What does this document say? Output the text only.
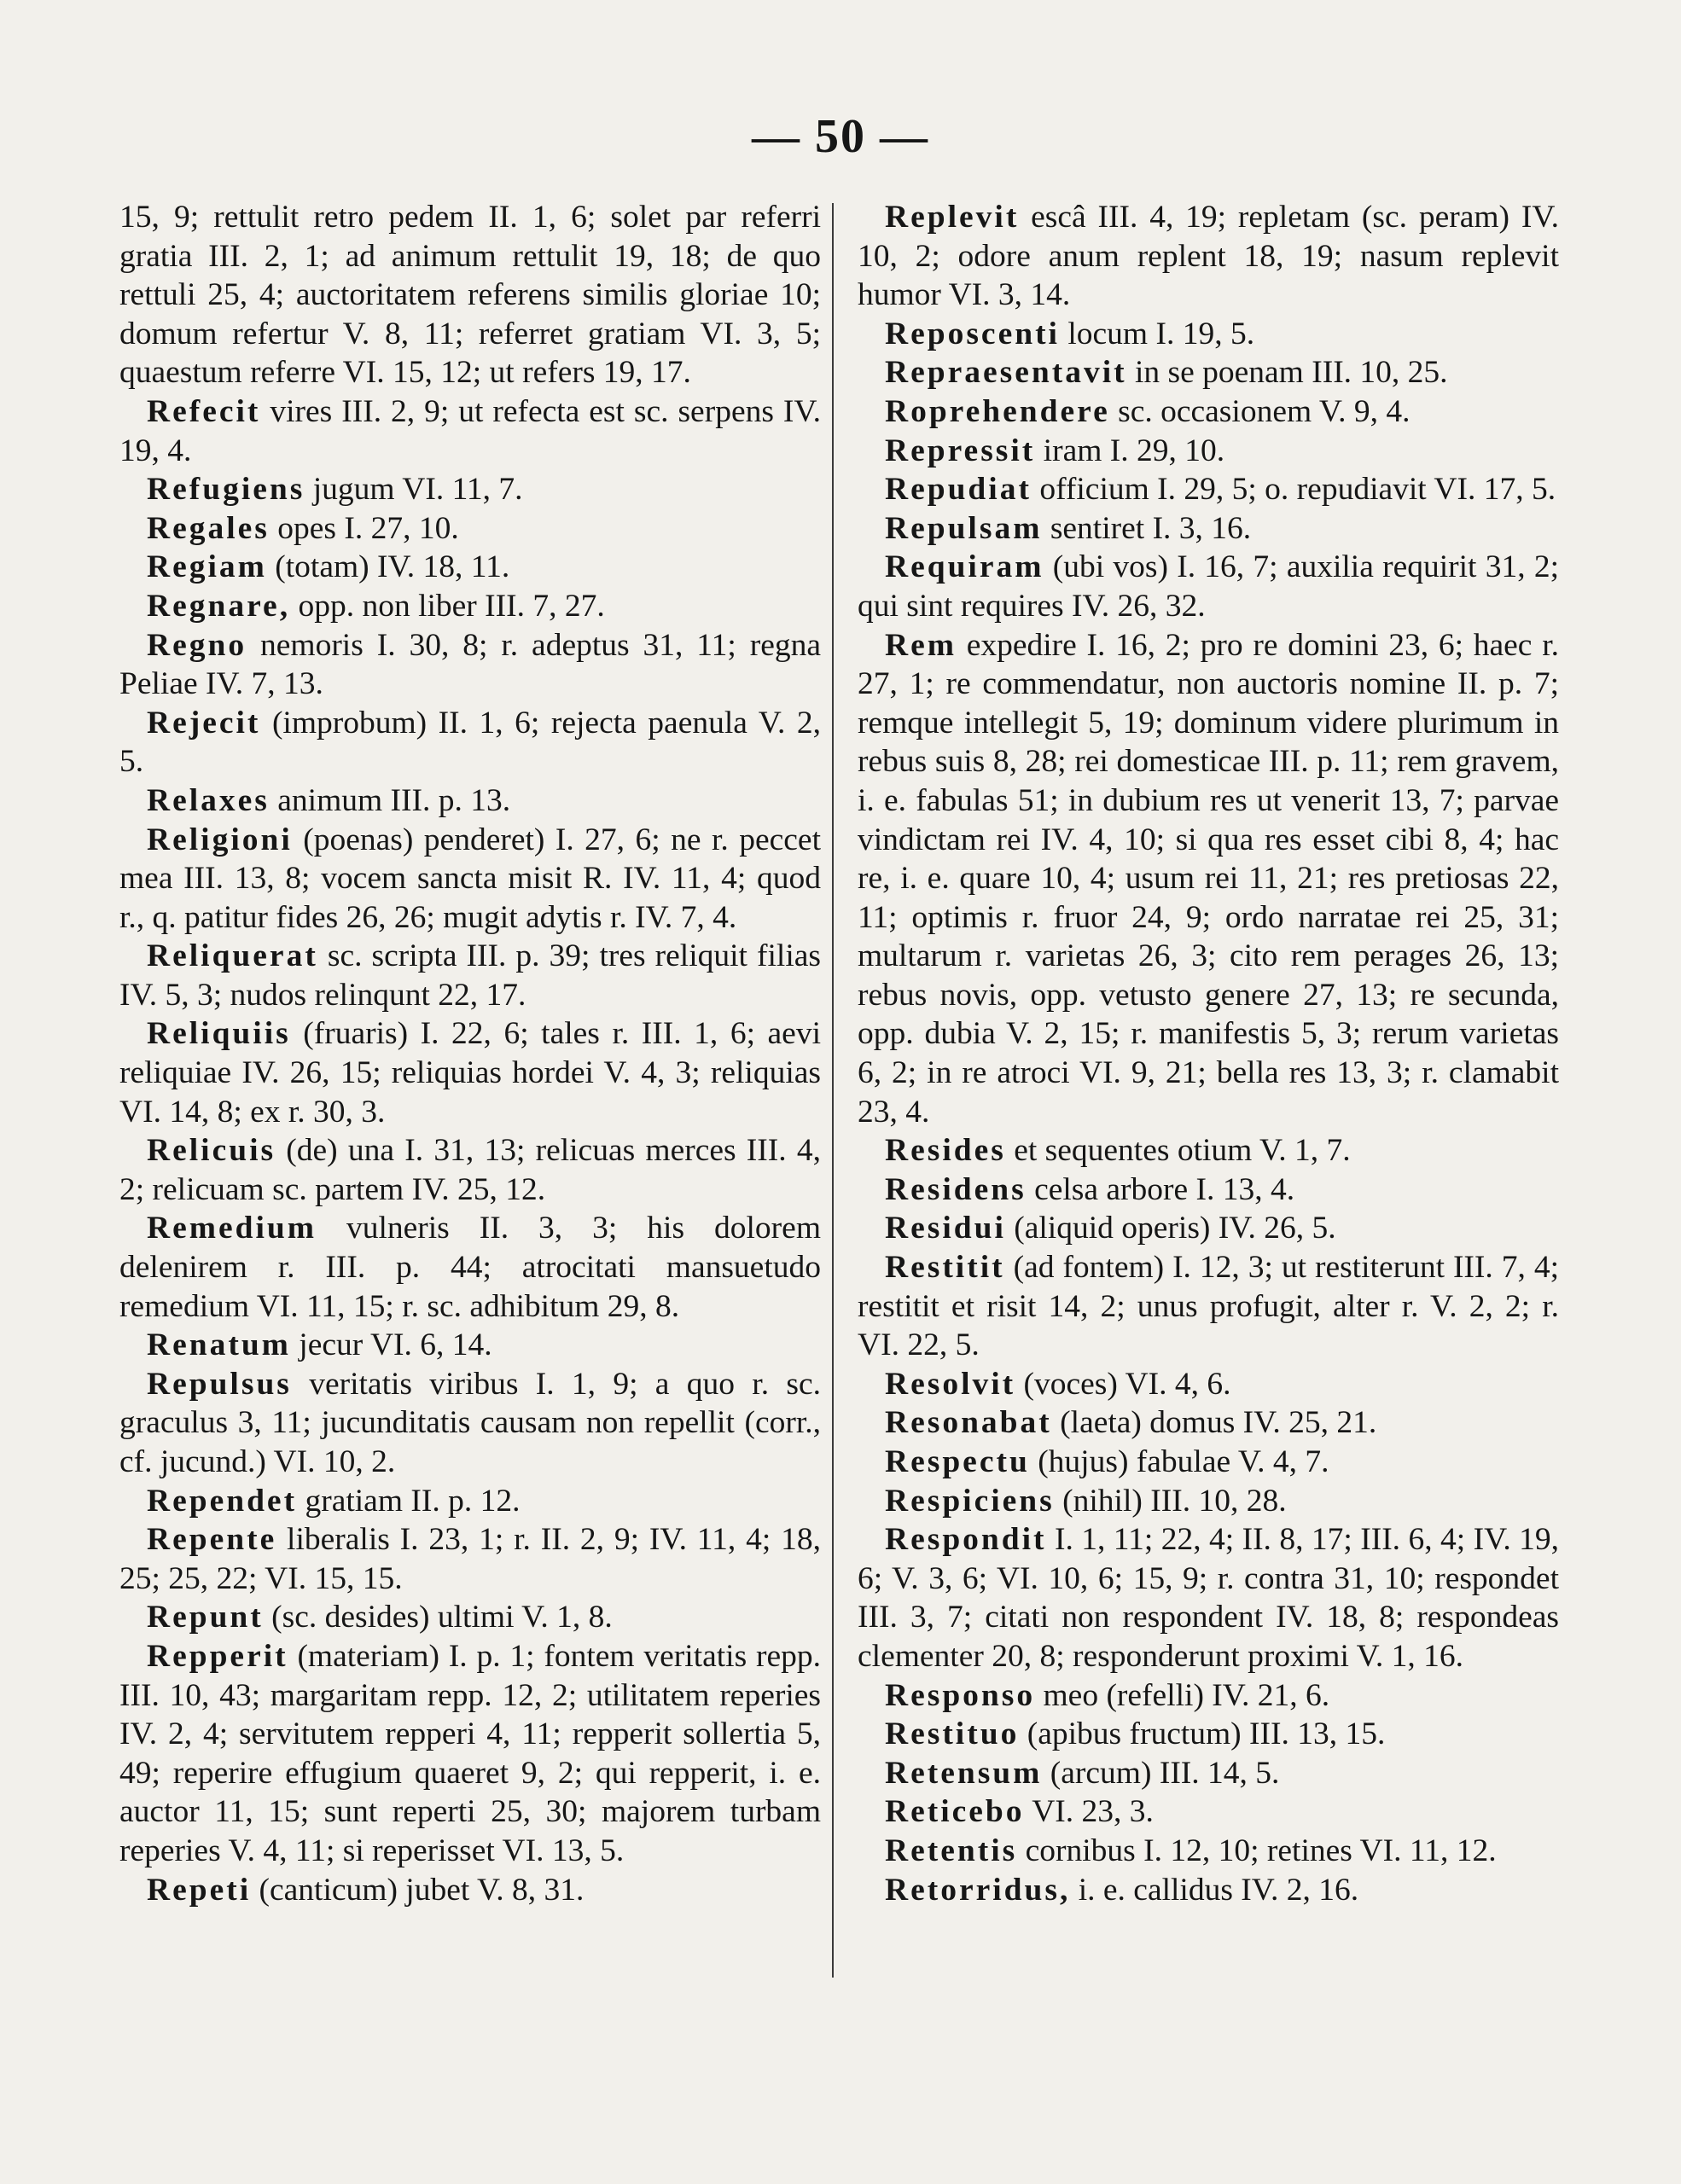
— 50 —

15, 9; rettulit retro pedem II. 1, 6; solet par referri gratia III. 2, 1; ad animum rettulit 19, 18; de quo rettuli 25, 4; auctoritatem referens similis gloriae 10; domum refertur V. 8, 11; referret gratiam VI. 3, 5; quaestum referre VI. 15, 12; ut refers 19, 17.

Refecit vires III. 2, 9; ut refecta est sc. serpens IV. 19, 4.

Refugiens jugum VI. 11, 7.

Regales opes I. 27, 10.

Regiam (totam) IV. 18, 11.

Regnare, opp. non liber III. 7, 27.

Regno nemoris I. 30, 8; r. adeptus 31, 11; regna Peliae IV. 7, 13.

Rejecit (improbum) II. 1, 6; rejecta paenula V. 2, 5.

Relaxes animum III. p. 13.

Religioni (poenas) penderet) I. 27, 6; ne r. peccet mea III. 13, 8; vocem sancta misit R. IV. 11, 4; quod r., q. patitur fides 26, 26; mugit adytis r. IV. 7, 4.

Reliquerat sc. scripta III. p. 39; tres reliquit filias IV. 5, 3; nudos relinqunt 22, 17.

Reliquiis (fruaris) I. 22, 6; tales r. III. 1, 6; aevi reliquiae IV. 26, 15; reliquias hordei V. 4, 3; reliquias VI. 14, 8; ex r. 30, 3.

Relicuis (de) una I. 31, 13; relicuas merces III. 4, 2; relicuam sc. partem IV. 25, 12.

Remedium vulneris II. 3, 3; his dolorem delenirem r. III. p. 44; atrocitati mansuetudo remedium VI. 11, 15; r. sc. adhibitum 29, 8.

Renatum jecur VI. 6, 14.

Repulsus veritatis viribus I. 1, 9; a quo r. sc. graculus 3, 11; jucunditatis causam non repellit (corr., cf. jucund.) VI. 10, 2.

Rependet gratiam II. p. 12.

Repente liberalis I. 23, 1; r. II. 2, 9; IV. 11, 4; 18, 25; 25, 22; VI. 15, 15.

Repunt (sc. desides) ultimi V. 1, 8.

Repperit (materiam) I. p. 1; fontem veritatis repp. III. 10, 43; margaritam repp. 12, 2; utilitatem reperies IV. 2, 4; servitutem repperi 4, 11; repperit sollertia 5, 49; reperire effugium quaeret 9, 2; qui repperit, i. e. auctor 11, 15; sunt reperti 25, 30; majorem turbam reperies V. 4, 11; si reperisset VI. 13, 5.

Repeti (canticum) jubet V. 8, 31.

Replevit escâ III. 4, 19; repletam (sc. peram) IV. 10, 2; odore anum replent 18, 19; nasum replevit humor VI. 3, 14.

Reposcenti locum I. 19, 5.

Repraesentavit in se poenam III. 10, 25.

Roprehendere sc. occasionem V. 9, 4.

Repressit iram I. 29, 10.

Repudiat officium I. 29, 5; o. repudiavit VI. 17, 5.

Repulsam sentiret I. 3, 16.

Requiram (ubi vos) I. 16, 7; auxilia requirit 31, 2; qui sint requires IV. 26, 32.

Rem expedire I. 16, 2; pro re domini 23, 6; haec r. 27, 1; re commendatur, non auctoris nomine II. p. 7; remque intellegit 5, 19; dominum videre plurimum in rebus suis 8, 28; rei domesticae III. p. 11; rem gravem, i. e. fabulas 51; in dubium res ut venerit 13, 7; parvae vindictam rei IV. 4, 10; si qua res esset cibi 8, 4; hac re, i. e. quare 10, 4; usum rei 11, 21; res pretiosas 22, 11; optimis r. fruor 24, 9; ordo narratae rei 25, 31; multarum r. varietas 26, 3; cito rem perages 26, 13; rebus novis, opp. vetusto genere 27, 13; re secunda, opp. dubia V. 2, 15; r. manifestis 5, 3; rerum varietas 6, 2; in re atroci VI. 9, 21; bella res 13, 3; r. clamabit 23, 4.

Resides et sequentes otium V. 1, 7.

Residens celsa arbore I. 13, 4.

Residui (aliquid operis) IV. 26, 5.

Restitit (ad fontem) I. 12, 3; ut restiterunt III. 7, 4; restitit et risit 14, 2; unus profugit, alter r. V. 2, 2; r. VI. 22, 5.

Resolvit (voces) VI. 4, 6.

Resonabat (laeta) domus IV. 25, 21.

Respectu (hujus) fabulae V. 4, 7.

Respiciens (nihil) III. 10, 28.

Respondit I. 1, 11; 22, 4; II. 8, 17; III. 6, 4; IV. 19, 6; V. 3, 6; VI. 10, 6; 15, 9; r. contra 31, 10; respondet III. 3, 7; citati non respondent IV. 18, 8; respondeas clementer 20, 8; responderunt proximi V. 1, 16.

Responso meo (refelli) IV. 21, 6.

Restituo (apibus fructum) III. 13, 15.

Retensum (arcum) III. 14, 5.

Reticebo VI. 23, 3.

Retentis cornibus I. 12, 10; retines VI. 11, 12.

Retorridus, i. e. callidus IV. 2, 16.
